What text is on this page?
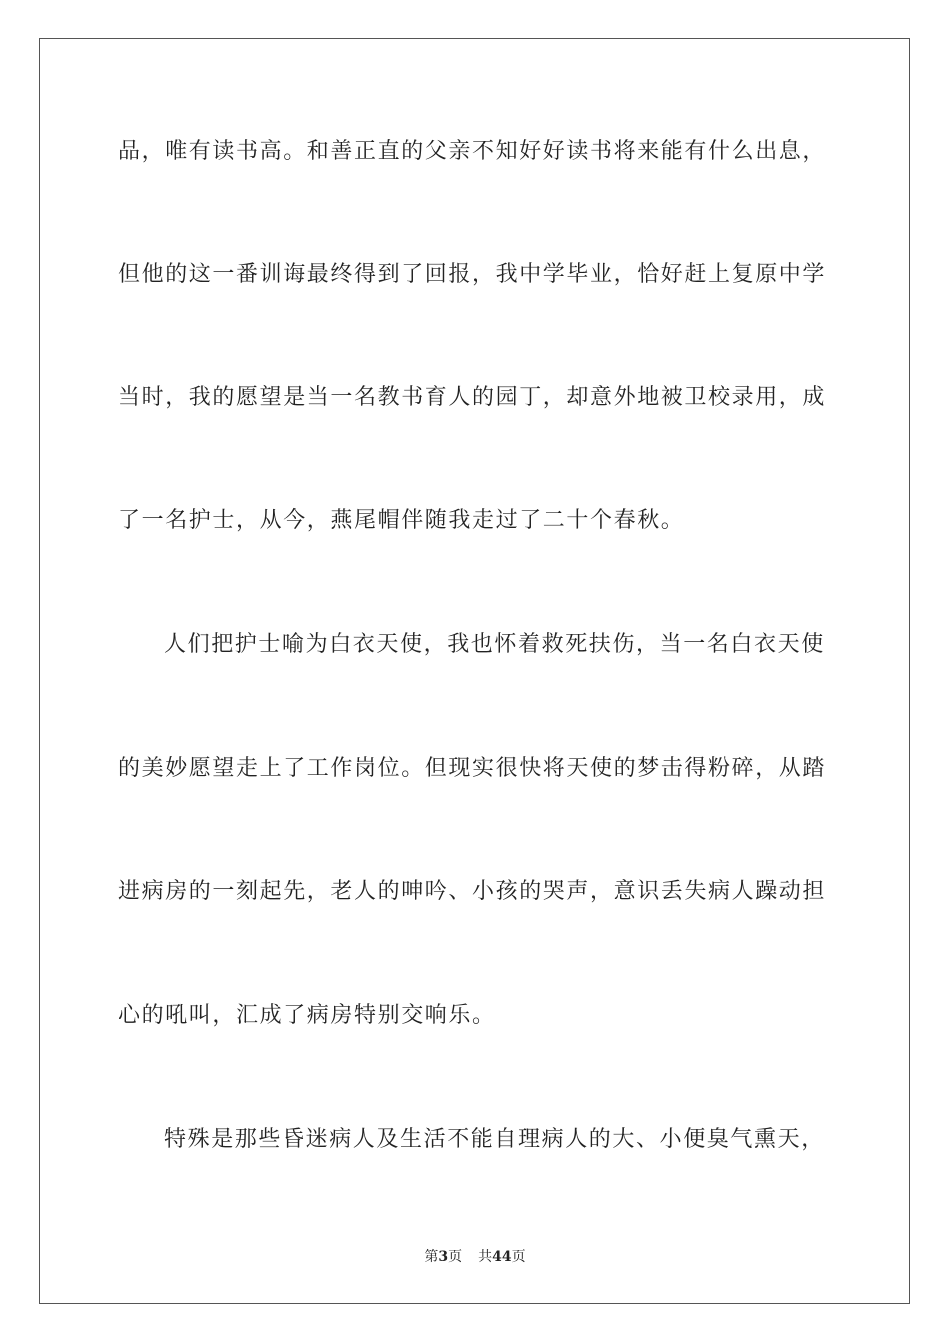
品，唯有读书高。和善正直的父亲不知好好读书将来能有什么出息，
但他的这一番训诲最终得到了回报，我中学毕业，恰好赶上复原中学
当时，我的愿望是当一名教书育人的园丁，却意外地被卫校录用，成
了一名护士，从今，燕尾帽伴随我走过了二十个春秋。
人们把护士喻为白衣天使，我也怀着救死扶伤，当一名白衣天使
的美妙愿望走上了工作岗位。但现实很快将天使的梦击得粉碎，从踏
进病房的一刻起先，老人的呻吟、小孩的哭声，意识丢失病人躁动担
心的吼叫，汇成了病房特别交响乐。
特殊是那些昏迷病人及生活不能自理病人的大、小便臭气熏天，
第3页 共44页
